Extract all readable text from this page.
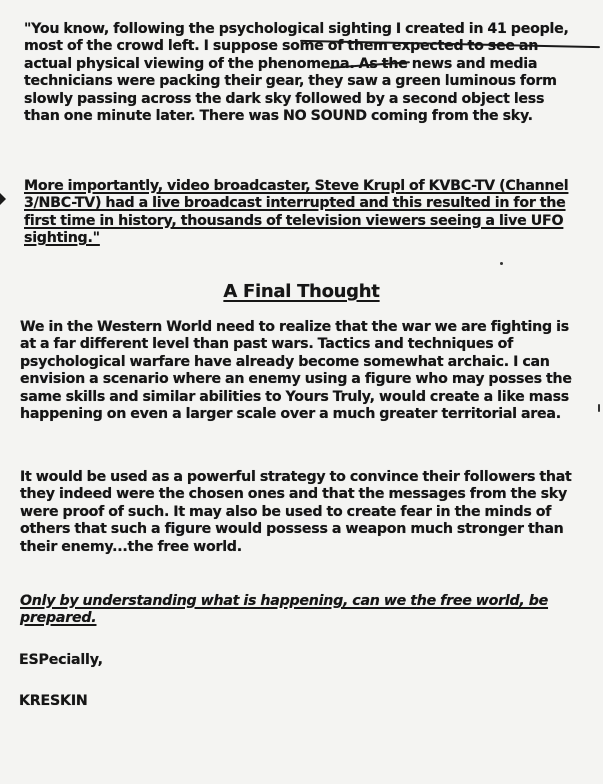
"You know, following the psychological sighting I created in 41 people,
most of the crowd left. I suppose some of them expected to see an
actual physical viewing of the phenomena. As the news and media
technicians were packing their gear, they saw a green luminous form
slowly passing across the dark sky followed by a second object less
than one minute later. There was NO SOUND coming from the sky.

More importantly, video broadcaster, Steve Krupl of KVBC-TV (Channel
3/NBC-TV) had a live broadcast interrupted and this resulted in for the
first time in history, thousands of television viewers seeing a live UFO
sighting."

A Final Thought

We in the Western World need to realize that the war we are fighting is
at a far different level than past wars. Tactics and techniques of
psychological warfare have already become somewhat archaic. I can
envision a scenario where an enemy using a figure who may posses the
same skills and similar abilities to Yours Truly, would create a like mass
happening on even a larger scale over a much greater territorial area.

It would be used as a powerful strategy to convince their followers that
they indeed were the chosen ones and that the messages from the sky
were proof of such. It may also be used to create fear in the minds of
others that such a figure would possess a weapon much stronger than
their enemy...the free world.

Only by understanding what is happening, can we the free world, be
prepared.

ESPecially,

KRESKIN
